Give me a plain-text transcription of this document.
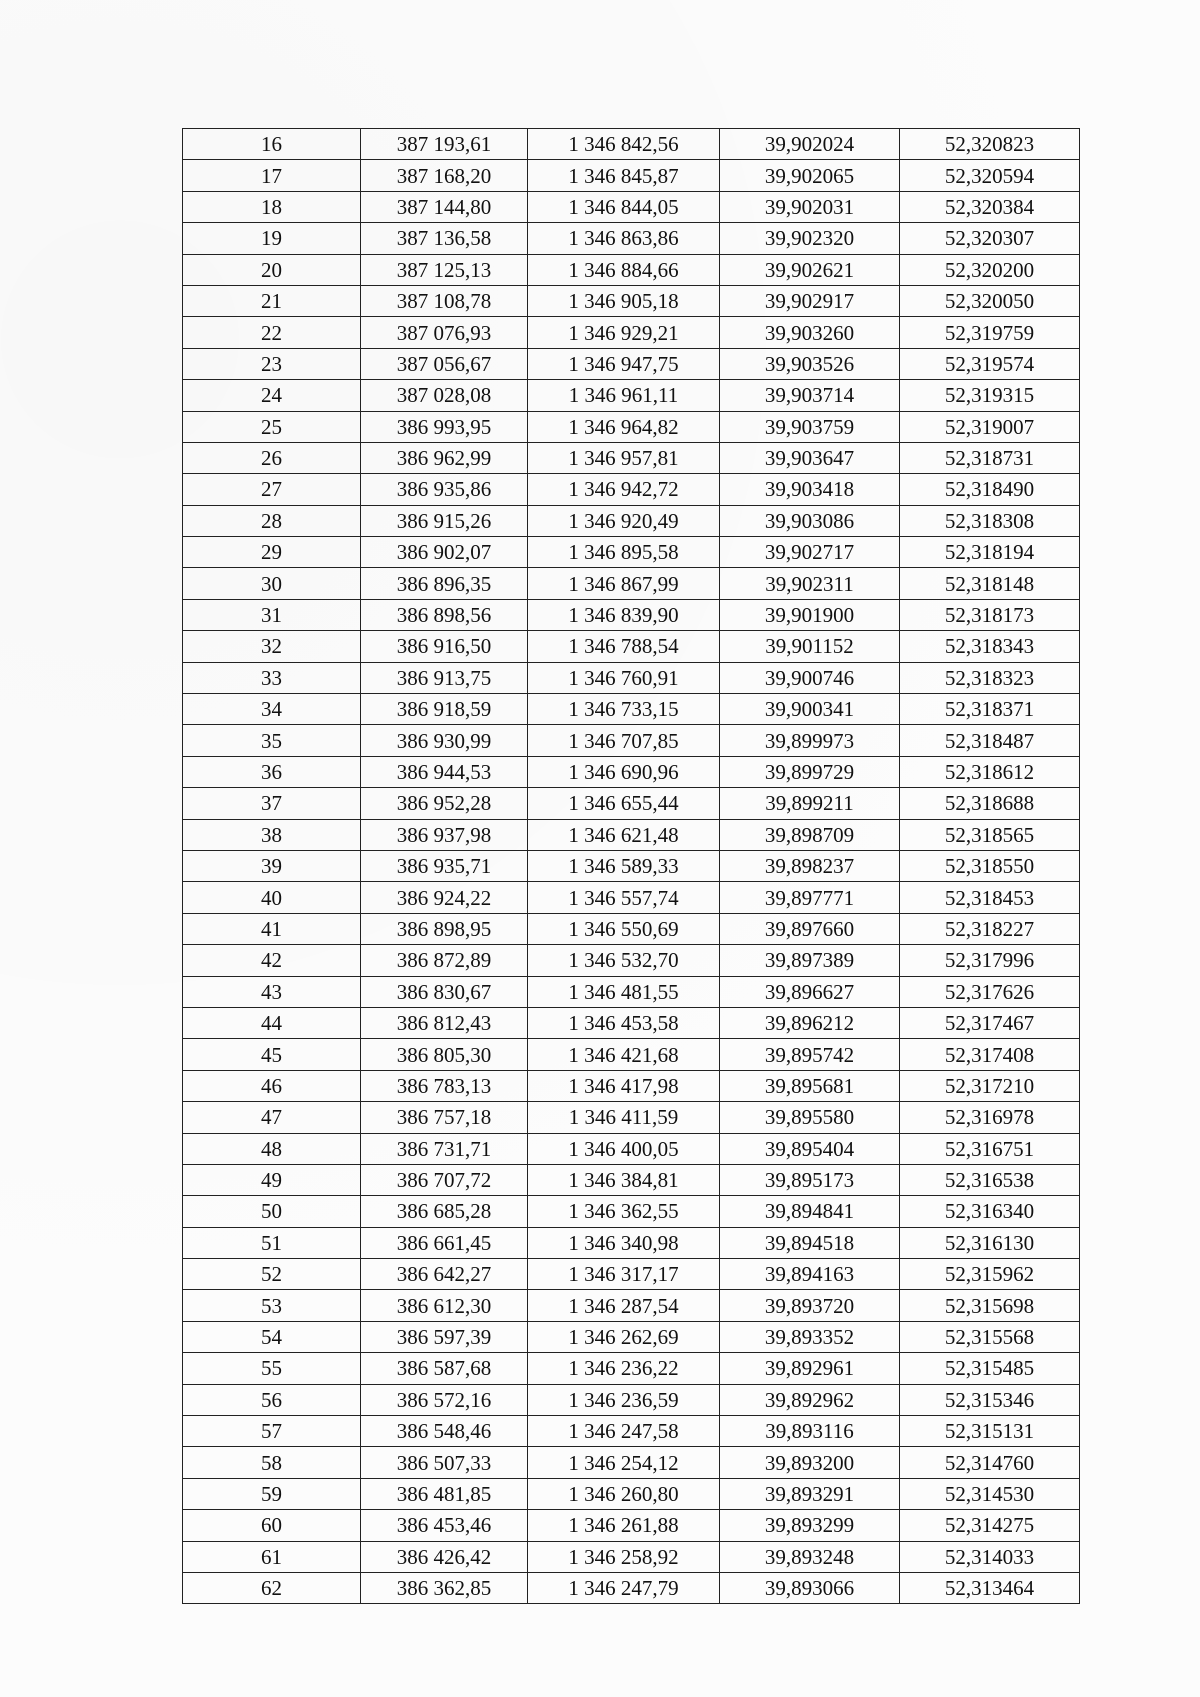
16	387 193,61	1 346 842,56	39,902024	52,320823
17	387 168,20	1 346 845,87	39,902065	52,320594
18	387 144,80	1 346 844,05	39,902031	52,320384
19	387 136,58	1 346 863,86	39,902320	52,320307
20	387 125,13	1 346 884,66	39,902621	52,320200
21	387 108,78	1 346 905,18	39,902917	52,320050
22	387 076,93	1 346 929,21	39,903260	52,319759
23	387 056,67	1 346 947,75	39,903526	52,319574
24	387 028,08	1 346 961,11	39,903714	52,319315
25	386 993,95	1 346 964,82	39,903759	52,319007
26	386 962,99	1 346 957,81	39,903647	52,318731
27	386 935,86	1 346 942,72	39,903418	52,318490
28	386 915,26	1 346 920,49	39,903086	52,318308
29	386 902,07	1 346 895,58	39,902717	52,318194
30	386 896,35	1 346 867,99	39,902311	52,318148
31	386 898,56	1 346 839,90	39,901900	52,318173
32	386 916,50	1 346 788,54	39,901152	52,318343
33	386 913,75	1 346 760,91	39,900746	52,318323
34	386 918,59	1 346 733,15	39,900341	52,318371
35	386 930,99	1 346 707,85	39,899973	52,318487
36	386 944,53	1 346 690,96	39,899729	52,318612
37	386 952,28	1 346 655,44	39,899211	52,318688
38	386 937,98	1 346 621,48	39,898709	52,318565
39	386 935,71	1 346 589,33	39,898237	52,318550
40	386 924,22	1 346 557,74	39,897771	52,318453
41	386 898,95	1 346 550,69	39,897660	52,318227
42	386 872,89	1 346 532,70	39,897389	52,317996
43	386 830,67	1 346 481,55	39,896627	52,317626
44	386 812,43	1 346 453,58	39,896212	52,317467
45	386 805,30	1 346 421,68	39,895742	52,317408
46	386 783,13	1 346 417,98	39,895681	52,317210
47	386 757,18	1 346 411,59	39,895580	52,316978
48	386 731,71	1 346 400,05	39,895404	52,316751
49	386 707,72	1 346 384,81	39,895173	52,316538
50	386 685,28	1 346 362,55	39,894841	52,316340
51	386 661,45	1 346 340,98	39,894518	52,316130
52	386 642,27	1 346 317,17	39,894163	52,315962
53	386 612,30	1 346 287,54	39,893720	52,315698
54	386 597,39	1 346 262,69	39,893352	52,315568
55	386 587,68	1 346 236,22	39,892961	52,315485
56	386 572,16	1 346 236,59	39,892962	52,315346
57	386 548,46	1 346 247,58	39,893116	52,315131
58	386 507,33	1 346 254,12	39,893200	52,314760
59	386 481,85	1 346 260,80	39,893291	52,314530
60	386 453,46	1 346 261,88	39,893299	52,314275
61	386 426,42	1 346 258,92	39,893248	52,314033
62	386 362,85	1 346 247,79	39,893066	52,313464
